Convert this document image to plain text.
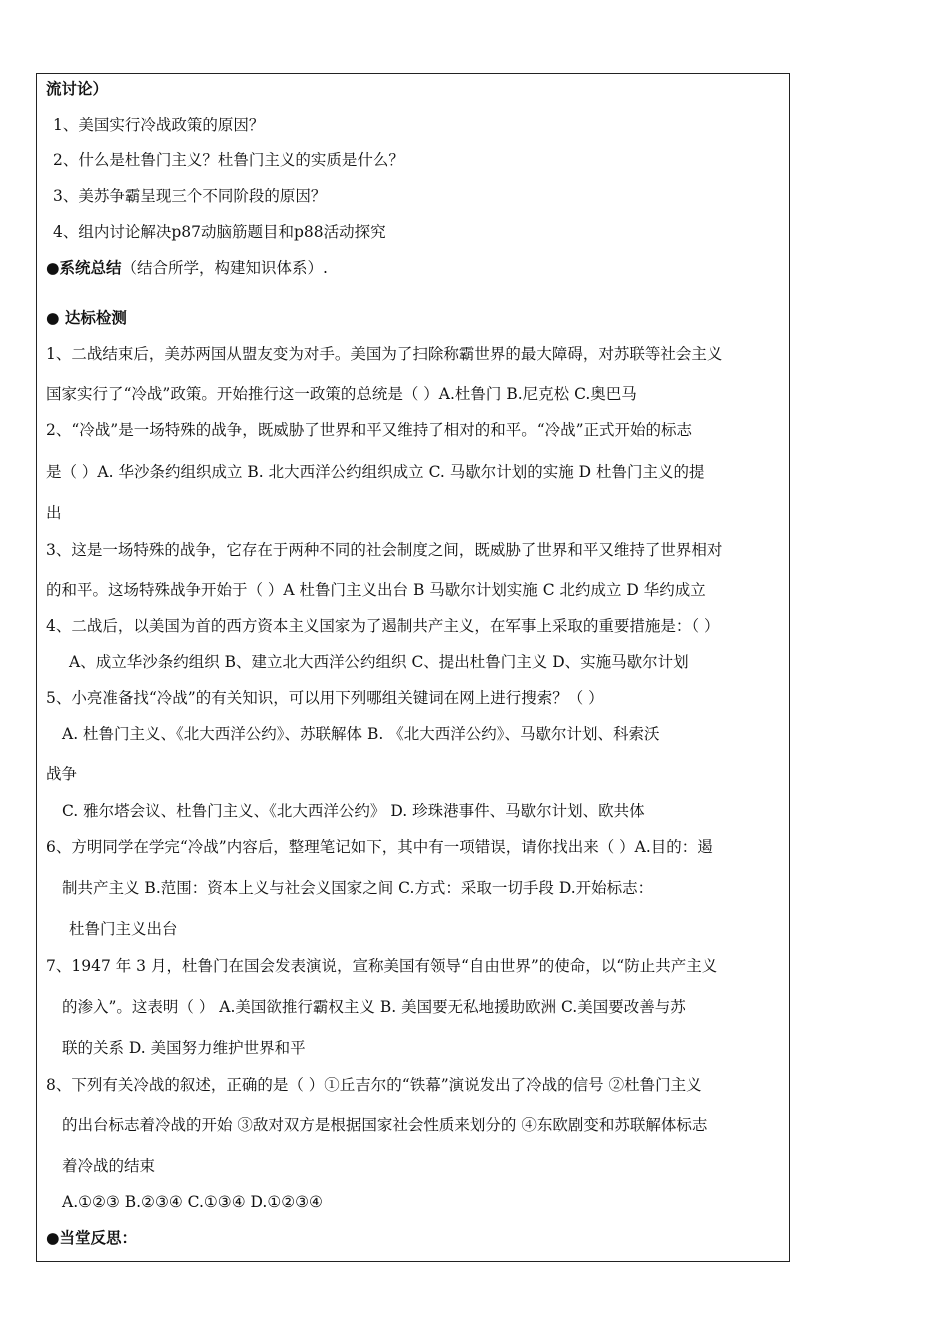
流讨论）
1、美国实行冷战政策的原因？
2、什么是杜鲁门主义？杜鲁门主义的实质是什么？
3、美苏争霸呈现三个不同阶段的原因？
4、组内讨论解决p87动脑筋题目和p88活动探究
●系统总结（结合所学，构建知识体系）.
● 达标检测
1、二战结束后，美苏两国从盟友变为对手。美国为了扫除称霸世界的最大障碍，对苏联等社会主义
国家实行了“冷战”政策。开始推行这一政策的总统是（ ）A.杜鲁门 B.尼克松 C.奥巴马
2、“冷战”是一场特殊的战争，既威胁了世界和平又维持了相对的和平。“冷战”正式开始的标志
是（ ）A. 华沙条约组织成立 B. 北大西洋公约组织成立 C. 马歇尔计划的实施 D 杜鲁门主义的提
出
3、这是一场特殊的战争，它存在于两种不同的社会制度之间，既威胁了世界和平又维持了世界相对
的和平。这场特殊战争开始于（ ）A 杜鲁门主义出台 B 马歇尔计划实施 C 北约成立 D 华约成立
4、二战后，以美国为首的西方资本主义国家为了遏制共产主义，在军事上采取的重要措施是：（ ）
A、成立华沙条约组织 B、建立北大西洋公约组织 C、提出杜鲁门主义 D、实施马歇尔计划
5、小亮准备找“冷战”的有关知识，可以用下列哪组关键词在网上进行搜索？（ ）
A. 杜鲁门主义、《北大西洋公约》、苏联解体 B. 《北大西洋公约》、马歇尔计划、科索沃
战争
C. 雅尔塔会议、杜鲁门主义、《北大西洋公约》 D. 珍珠港事件、马歇尔计划、欧共体
6、方明同学在学完“冷战”内容后，整理笔记如下，其中有一项错误，请你找出来（ ）A.目的：遏
制共产主义 B.范围：资本上义与社会义国家之间 C.方式：采取一切手段 D.开始标志：
杜鲁门主义出台
7、1947 年 3 月，杜鲁门在国会发表演说，宣称美国有领导“自由世界”的使命，以“防止共产主义
的渗入”。这表明（ ） A.美国欲推行霸权主义 B. 美国要无私地援助欧洲 C.美国要改善与苏
联的关系 D. 美国努力维护世界和平
8、下列有关冷战的叙述，正确的是（ ）①丘吉尔的“铁幕”演说发出了冷战的信号 ②杜鲁门主义
的出台标志着冷战的开始 ③敌对双方是根据国家社会性质来划分的 ④东欧剧变和苏联解体标志
着冷战的结束
A.①②③ B.②③④ C.①③④ D.①②③④
●当堂反思：
